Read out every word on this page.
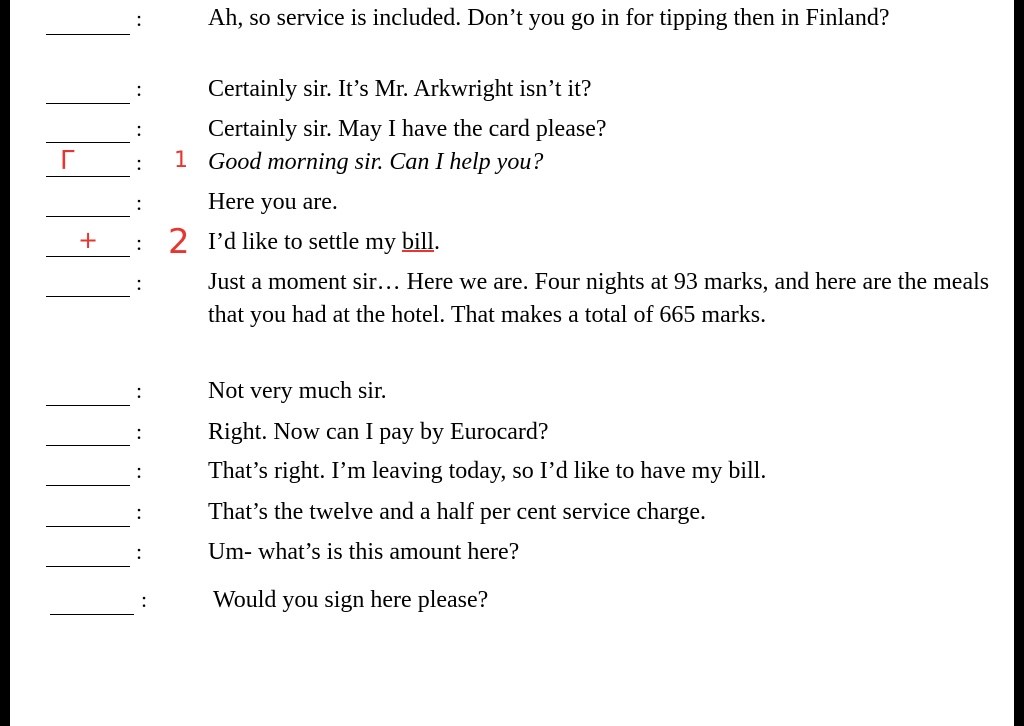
:	Ah, so service is included. Don’t you go in for tipping then in Finland?
:	Certainly sir. It’s Mr. Arkwright isn’t it?
:	Certainly sir. May I have the card please?
Γ	: 1 Good morning sir. Can I help you?
:	Here you are.
+ : 2 I’d like to settle my bill.
:	Just a moment sir… Here we are. Four nights at 93 marks, and here are the meals that you had at the hotel. That makes a total of 665 marks.
:	Not very much sir.
:	Right. Now can I pay by Eurocard?
:	That’s right. I’m leaving today, so I’d like to have my bill.
:	That’s the twelve and a half per cent service charge.
:	Um- what’s is this amount here?
:	Would you sign here please?
